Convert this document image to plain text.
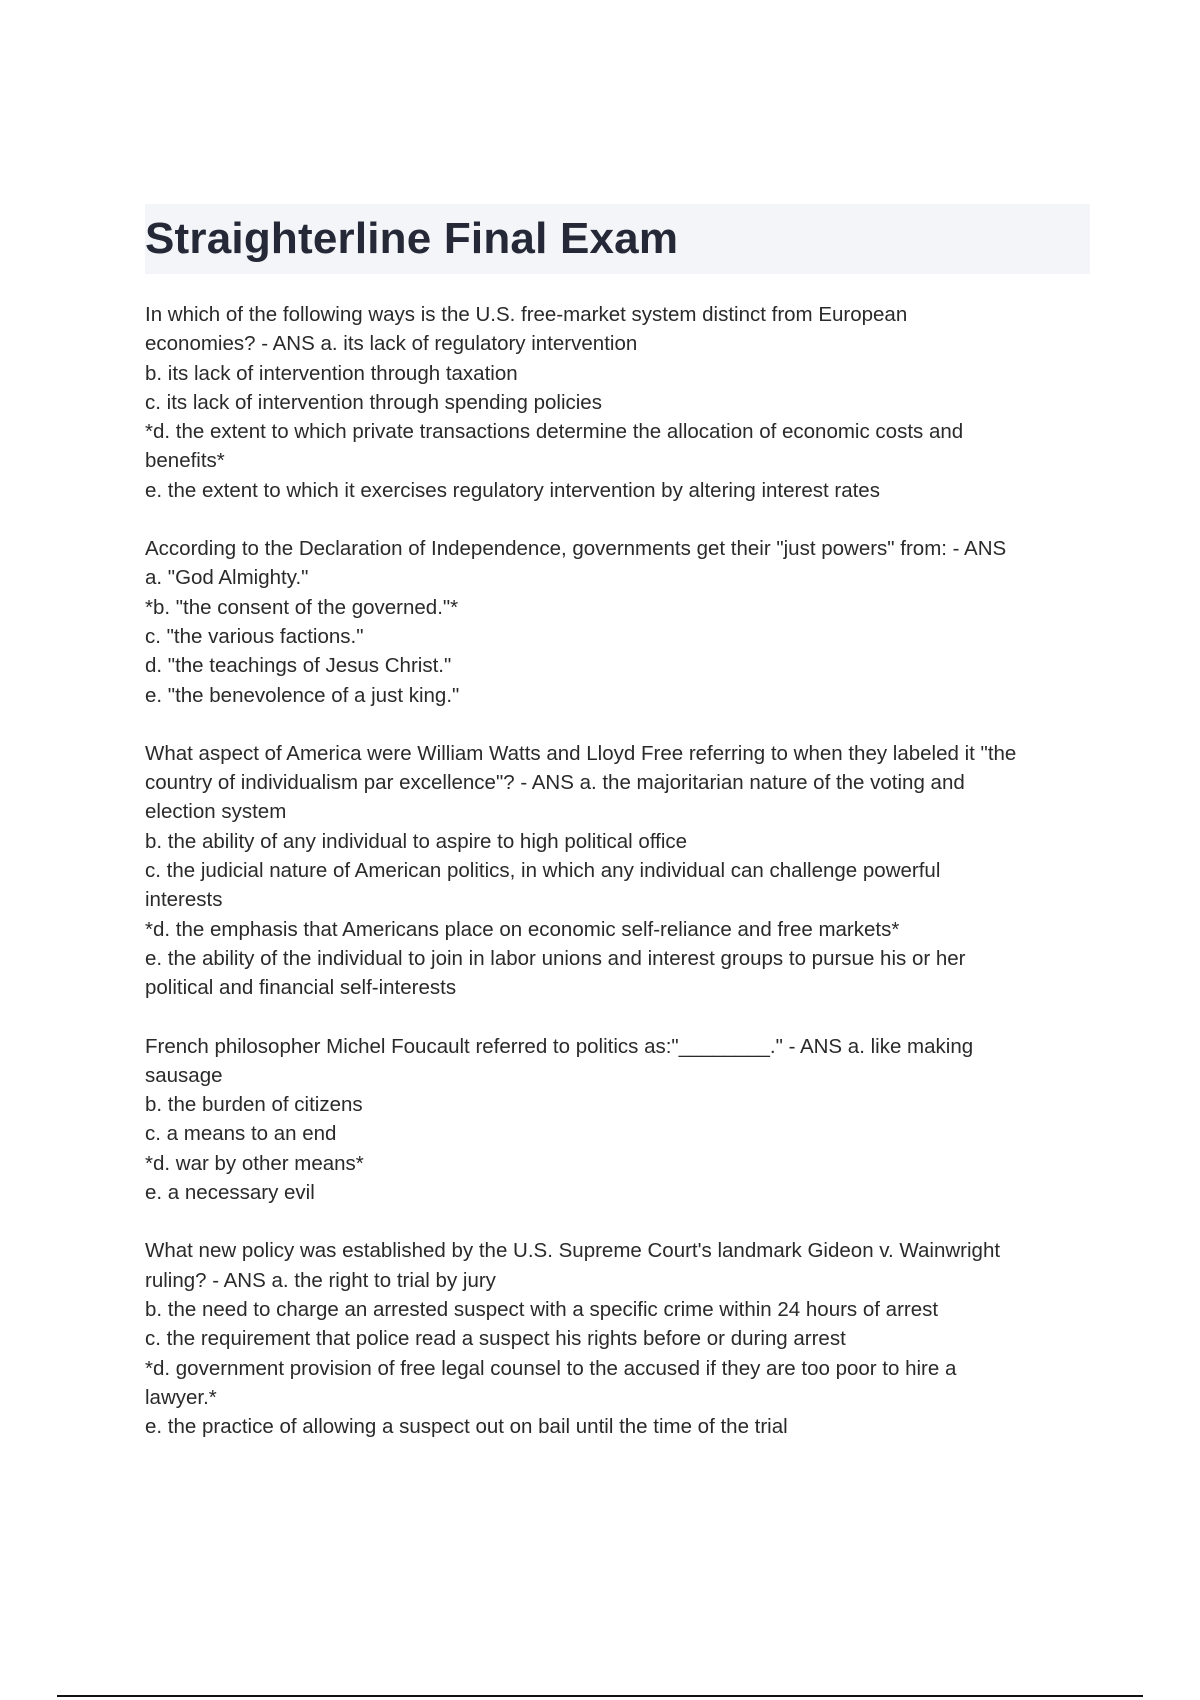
Straighterline Final Exam
In which of the following ways is the U.S. free-market system distinct from European
economies? - ANS a. its lack of regulatory intervention
b. its lack of intervention through taxation
c. its lack of intervention through spending policies
*d. the extent to which private transactions determine the allocation of economic costs and
benefits*
e. the extent to which it exercises regulatory intervention by altering interest rates
According to the Declaration of Independence, governments get their "just powers" from: - ANS
a. "God Almighty."
*b. "the consent of the governed."*
c. "the various factions."
d. "the teachings of Jesus Christ."
e. "the benevolence of a just king."
What aspect of America were William Watts and Lloyd Free referring to when they labeled it "the
country of individualism par excellence"? - ANS a. the majoritarian nature of the voting and
election system
b. the ability of any individual to aspire to high political office
c. the judicial nature of American politics, in which any individual can challenge powerful
interests
*d. the emphasis that Americans place on economic self-reliance and free markets*
e. the ability of the individual to join in labor unions and interest groups to pursue his or her
political and financial self-interests
French philosopher Michel Foucault referred to politics as:"________." - ANS a. like making
sausage
b. the burden of citizens
c. a means to an end
*d. war by other means*
e. a necessary evil
What new policy was established by the U.S. Supreme Court's landmark Gideon v. Wainwright
ruling? - ANS a. the right to trial by jury
b. the need to charge an arrested suspect with a specific crime within 24 hours of arrest
c. the requirement that police read a suspect his rights before or during arrest
*d. government provision of free legal counsel to the accused if they are too poor to hire a
lawyer.*
e. the practice of allowing a suspect out on bail until the time of the trial
